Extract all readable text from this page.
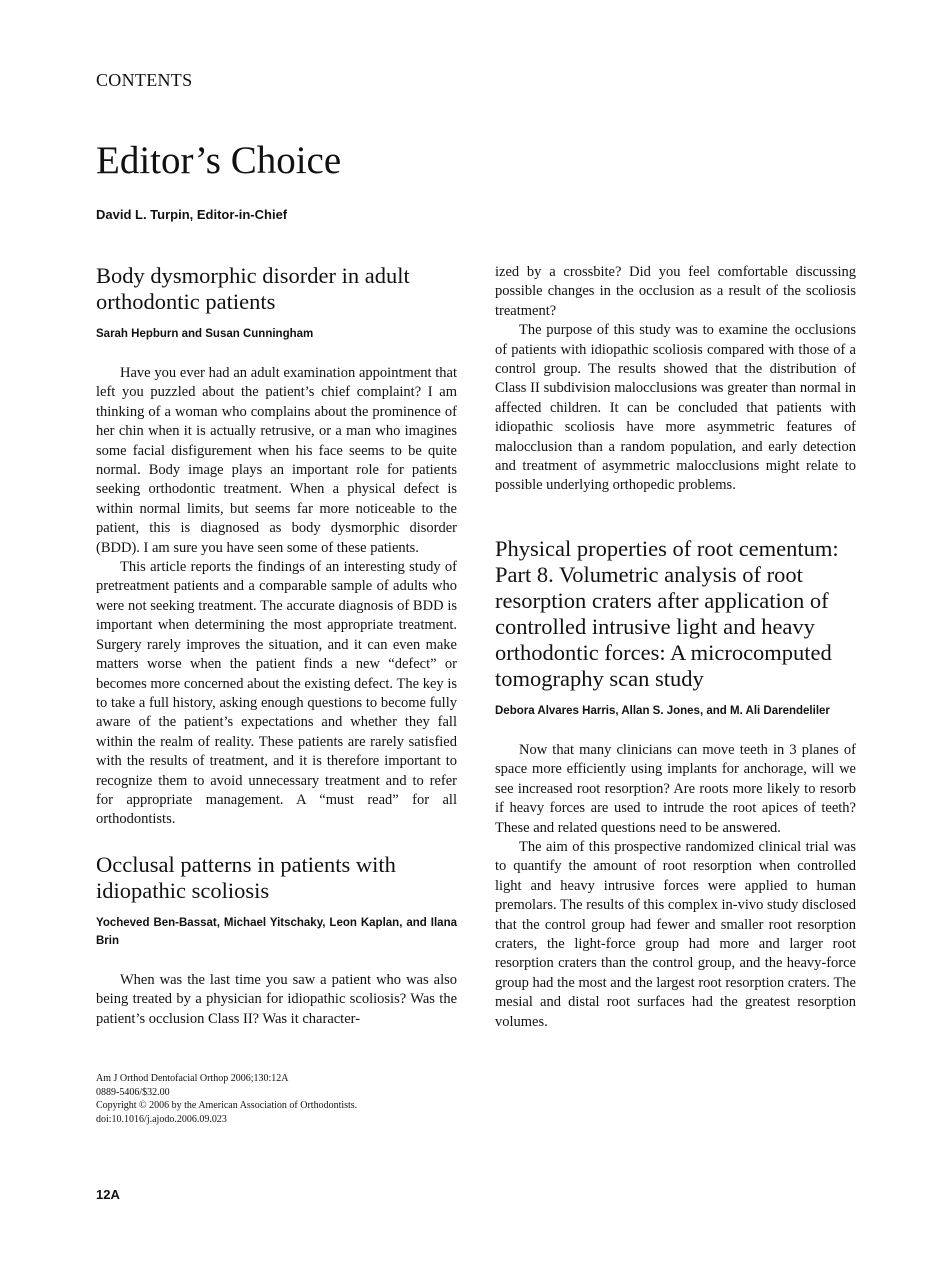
CONTENTS
Editor’s Choice
David L. Turpin, Editor-in-Chief
Body dysmorphic disorder in adult orthodontic patients
Sarah Hepburn and Susan Cunningham

Have you ever had an adult examination appointment that left you puzzled about the patient’s chief complaint? I am thinking of a woman who complains about the prominence of her chin when it is actually retrusive, or a man who imagines some facial disfigurement when his face seems to be quite normal. Body image plays an important role for patients seeking orthodontic treatment. When a physical defect is within normal limits, but seems far more noticeable to the patient, this is diagnosed as body dysmorphic disorder (BDD). I am sure you have seen some of these patients.

This article reports the findings of an interesting study of pretreatment patients and a comparable sample of adults who were not seeking treatment. The accurate diagnosis of BDD is important when determining the most appropriate treatment. Surgery rarely improves the situation, and it can even make matters worse when the patient finds a new “defect” or becomes more concerned about the existing defect. The key is to take a full history, asking enough questions to become fully aware of the patient’s expectations and whether they fall within the realm of reality. These patients are rarely satisfied with the results of treatment, and it is therefore important to recognize them to avoid unnecessary treatment and to refer for appropriate management. A “must read” for all orthodontists.

Occlusal patterns in patients with idiopathic scoliosis
Yocheved Ben-Bassat, Michael Yitschaky, Leon Kaplan, and Ilana Brin

When was the last time you saw a patient who was also being treated by a physician for idiopathic scoliosis? Was the patient’s occlusion Class II? Was it character-

Am J Orthod Dentofacial Orthop 2006;130:12A
0889-5406/$32.00
Copyright © 2006 by the American Association of Orthodontists.
doi:10.1016/j.ajodo.2006.09.023

ized by a crossbite? Did you feel comfortable discussing possible changes in the occlusion as a result of the scoliosis treatment?

The purpose of this study was to examine the occlusions of patients with idiopathic scoliosis compared with those of a control group. The results showed that the distribution of Class II subdivision malocclusions was greater than normal in affected children. It can be concluded that patients with idiopathic scoliosis have more asymmetric features of malocclusion than a random population, and early detection and treatment of asymmetric malocclusions might relate to possible underlying orthopedic problems.

Physical properties of root cementum: Part 8. Volumetric analysis of root resorption craters after application of controlled intrusive light and heavy orthodontic forces: A microcomputed tomography scan study
Debora Alvares Harris, Allan S. Jones, and M. Ali Darendeliler

Now that many clinicians can move teeth in 3 planes of space more efficiently using implants for anchorage, will we see increased root resorption? Are roots more likely to resorb if heavy forces are used to intrude the root apices of teeth? These and related questions need to be answered.

The aim of this prospective randomized clinical trial was to quantify the amount of root resorption when controlled light and heavy intrusive forces were applied to human premolars. The results of this complex in-vivo study disclosed that the control group had fewer and smaller root resorption craters, the light-force group had more and larger root resorption craters than the control group, and the heavy-force group had the most and the largest root resorption craters. The mesial and distal root surfaces had the greatest resorption volumes.

12A
